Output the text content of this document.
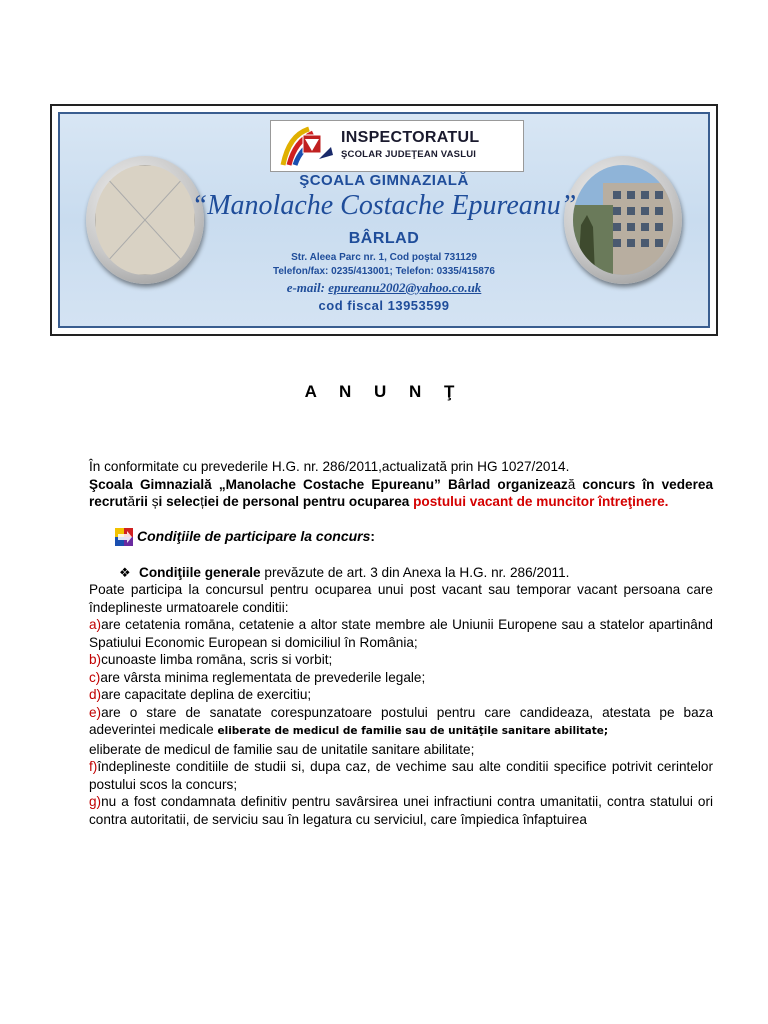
INSPECTORATUL
ŞCOLAR JUDEŢEAN VASLUI
ŞCOALA GIMNAZIALĂ
“Manolache Costache Epureanu”
BÂRLAD
Str. Aleea Parc nr. 1, Cod poştal 731129
Telefon/fax: 0235/413001; Telefon: 0335/415876
e-mail: epureanu2002@yahoo.co.uk
cod fiscal 13953599
A N U N Ţ

În conformitate cu prevederile H.G. nr. 286/2011,actualizată prin HG 1027/2014.

Şcoala Gimnazială „Manolache Costache Epureanu” Bârlad organizează concurs în vederea recrutării și selecției de personal pentru ocuparea postului vacant de muncitor întreţinere.

Condiţiile de participare la concurs :
❖ Condiţiile generale prevăzute de art. 3 din Anexa la H.G. nr. 286/2011.

Poate participa la concursul pentru ocuparea unui post vacant sau temporar vacant persoana care îndeplineste urmatoarele conditii:

a)are cetatenia romāna, cetatenie a altor state membre ale Uniunii Europene sau a statelor apartinând Spatiului Economic European si domiciliul în România;

b)cunoaste limba romāna, scris si vorbit;

c)are vârsta minima reglementata de prevederile legale;

d)are capacitate deplina de exercitiu;

e)are o stare de sanatate corespunzatoare postului pentru care candideaza, atestata pe baza adeverintei medicale eliberate de medicul de familie sau de unităţile sanitare abilitate;

eliberate de medicul de familie sau de unitatile sanitare abilitate;

f)îndeplineste conditiile de studii si, dupa caz, de vechime sau alte conditii specifice potrivit cerintelor postului scos la concurs;

g)nu a fost condamnata definitiv pentru savârsirea unei infractiuni contra umanitatii, contra statului ori contra autoritatii, de serviciu sau în legatura cu serviciul, care împiedica înfaptuirea
